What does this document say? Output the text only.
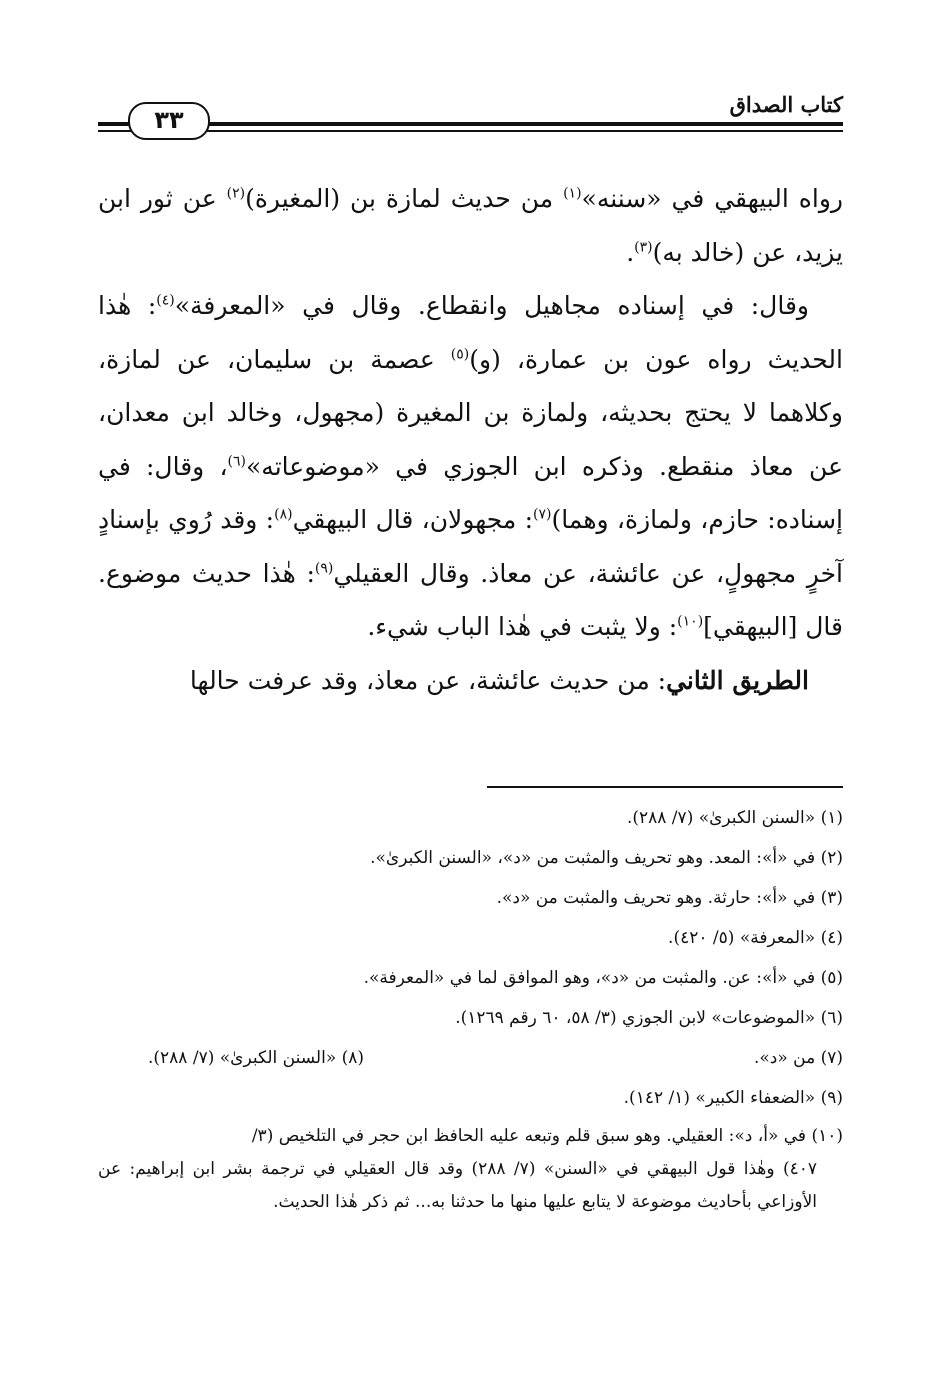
كتاب الصداق
٣٣

رواه البيهقي في «سننه»$^{(١)}$ من حديث لمازة بن (المغيرة)$^{(٢)}$ عن ثور ابن يزيد، عن (خالد به)$^{(٣)}$.

وقال: في إسناده مجاهيل وانقطاع. وقال في «المعرفة»$^{(٤)}$: هٰذا الحديث رواه عون بن عمارة، (و)$^{(٥)}$ عصمة بن سليمان، عن لمازة، وكلاهما لا يحتج بحديثه، ولمازة بن المغيرة (مجهول، وخالد ابن معدان، عن معاذ منقطع. وذكره ابن الجوزي في «موضوعاته»$^{(٦)}$، وقال: في إسناده: حازم، ولمازة، وهما)$^{(٧)}$: مجهولان، قال البيهقي$^{(٨)}$: وقد رُوي بإسنادٍ آخرٍ مجهولٍ، عن عائشة، عن معاذ. وقال العقيلي$^{(٩)}$: هٰذا حديث موضوع. قال [البيهقي]$^{(١٠)}$: ولا يثبت في هٰذا الباب شيء.

الطريق الثاني: من حديث عائشة، عن معاذ، وقد عرفت حالها

(١) «السنن الكبرىٰ» (٧/ ٢٨٨).

(٢) في «أ»: المعد. وهو تحريف والمثبت من «د»، «السنن الكبرىٰ».

(٣) في «أ»: حارثة. وهو تحريف والمثبت من «د».

(٤) «المعرفة» (٥/ ٤٢٠).

(٥) في «أ»: عن. والمثبت من «د»، وهو الموافق لما في «المعرفة».

(٦) «الموضوعات» لابن الجوزي (٣/ ٥٨، ٦٠ رقم ١٢٦٩).

(٧) من «د».
(٨) «السنن الكبرىٰ» (٧/ ٢٨٨).

(٩) «الضعفاء الكبير» (١/ ١٤٢).

(١٠) في «أ، د»: العقيلي. وهو سبق قلم وتبعه عليه الحافظ ابن حجر في التلخيص (٣/
٤٠٧) وهٰذا قول البيهقي في «السنن» (٧/ ٢٨٨) وقد قال العقيلي في ترجمة بشر ابن إبراهيم: عن الأوزاعي بأحاديث موضوعة لا يتابع عليها منها ما حدثنا به... ثم ذكر هٰذا الحديث.
